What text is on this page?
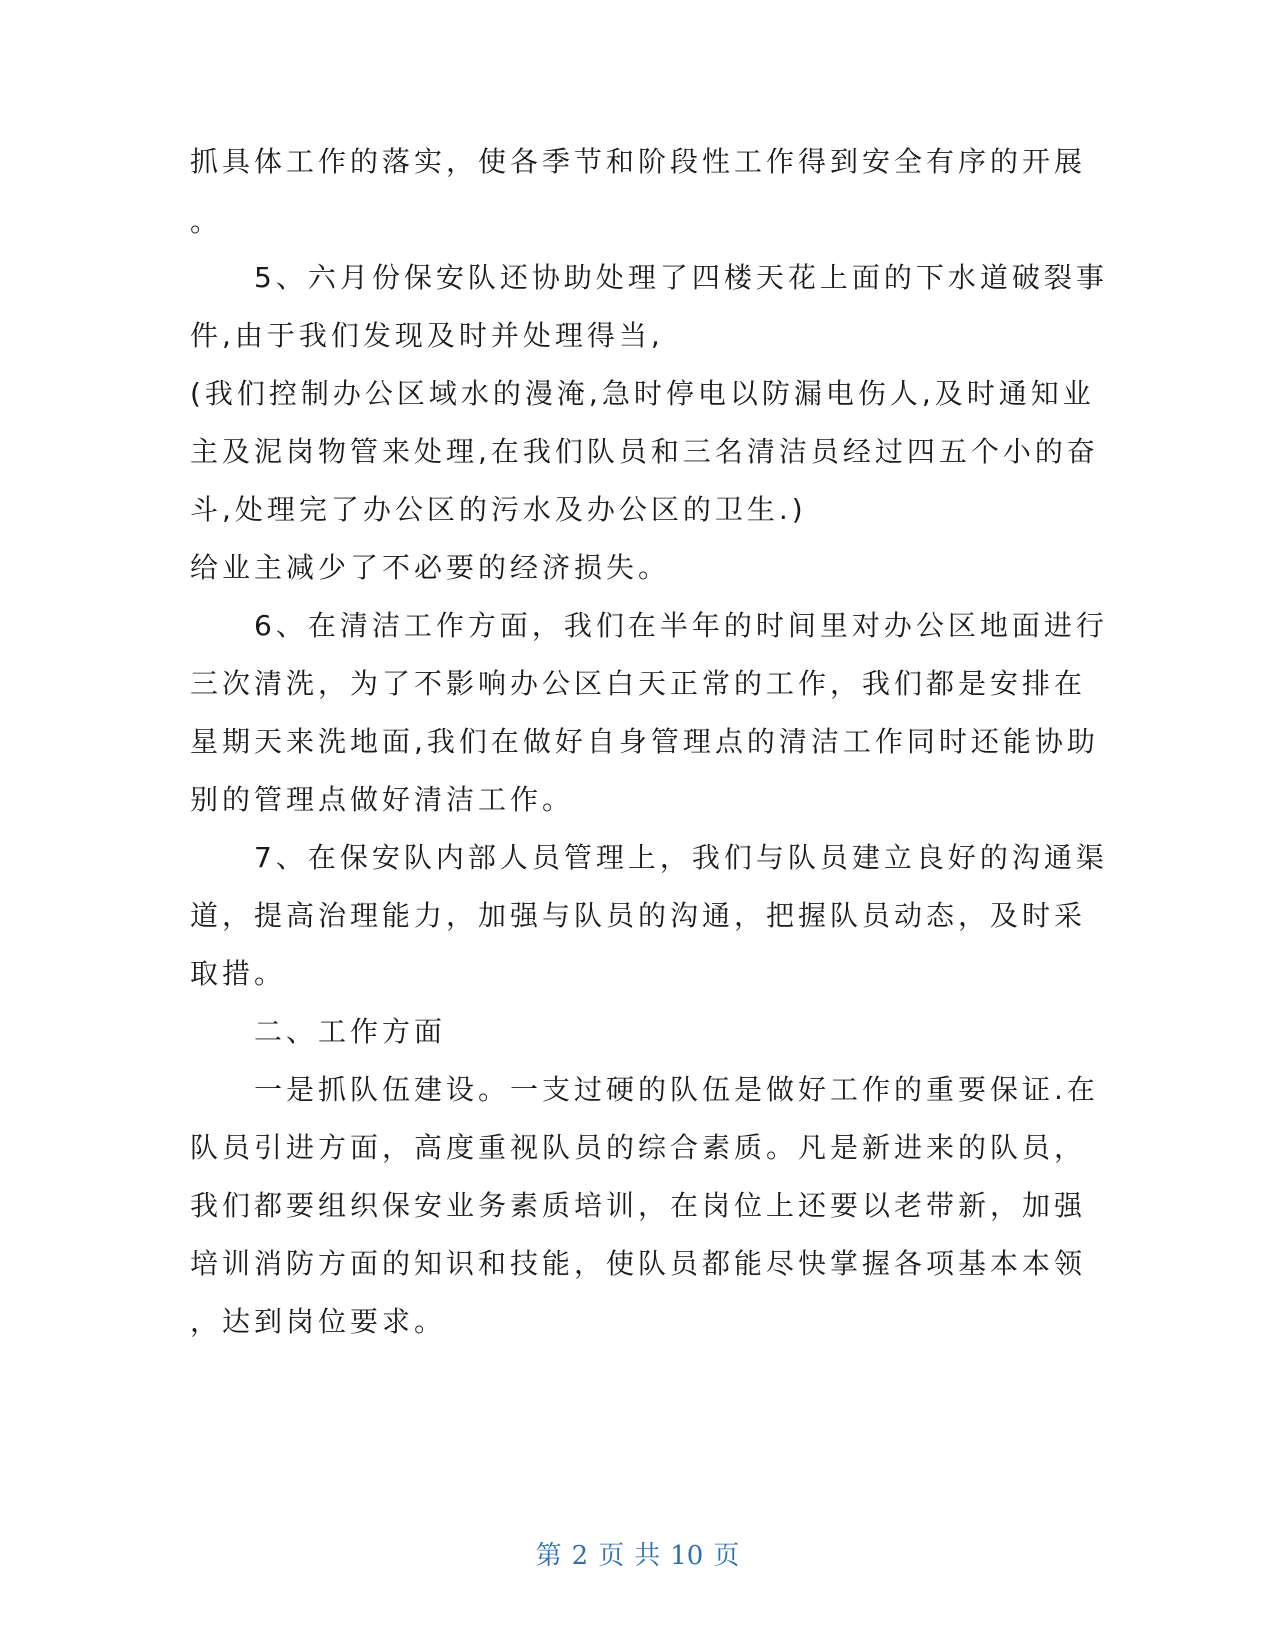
抓具体工作的落实，使各季节和阶段性工作得到安全有序的开展
。
　　5、六月份保安队还协助处理了四楼天花上面的下水道破裂事
件,由于我们发现及时并处理得当,
(我们控制办公区域水的漫淹,急时停电以防漏电伤人,及时通知业
主及泥岗物管来处理,在我们队员和三名清洁员经过四五个小的奋
斗,处理完了办公区的污水及办公区的卫生.)
给业主减少了不必要的经济损失。
　　6、在清洁工作方面，我们在半年的时间里对办公区地面进行
三次清洗，为了不影响办公区白天正常的工作，我们都是安排在
星期天来洗地面,我们在做好自身管理点的清洁工作同时还能协助
别的管理点做好清洁工作。
　　7、在保安队内部人员管理上，我们与队员建立良好的沟通渠
道，提高治理能力，加强与队员的沟通，把握队员动态，及时采
取措。
　　二、工作方面
　　一是抓队伍建设。一支过硬的队伍是做好工作的重要保证.在
队员引进方面，高度重视队员的综合素质。凡是新进来的队员，
我们都要组织保安业务素质培训，在岗位上还要以老带新，加强
培训消防方面的知识和技能，使队员都能尽快掌握各项基本本领
，达到岗位要求。
第 2 页 共 10 页
